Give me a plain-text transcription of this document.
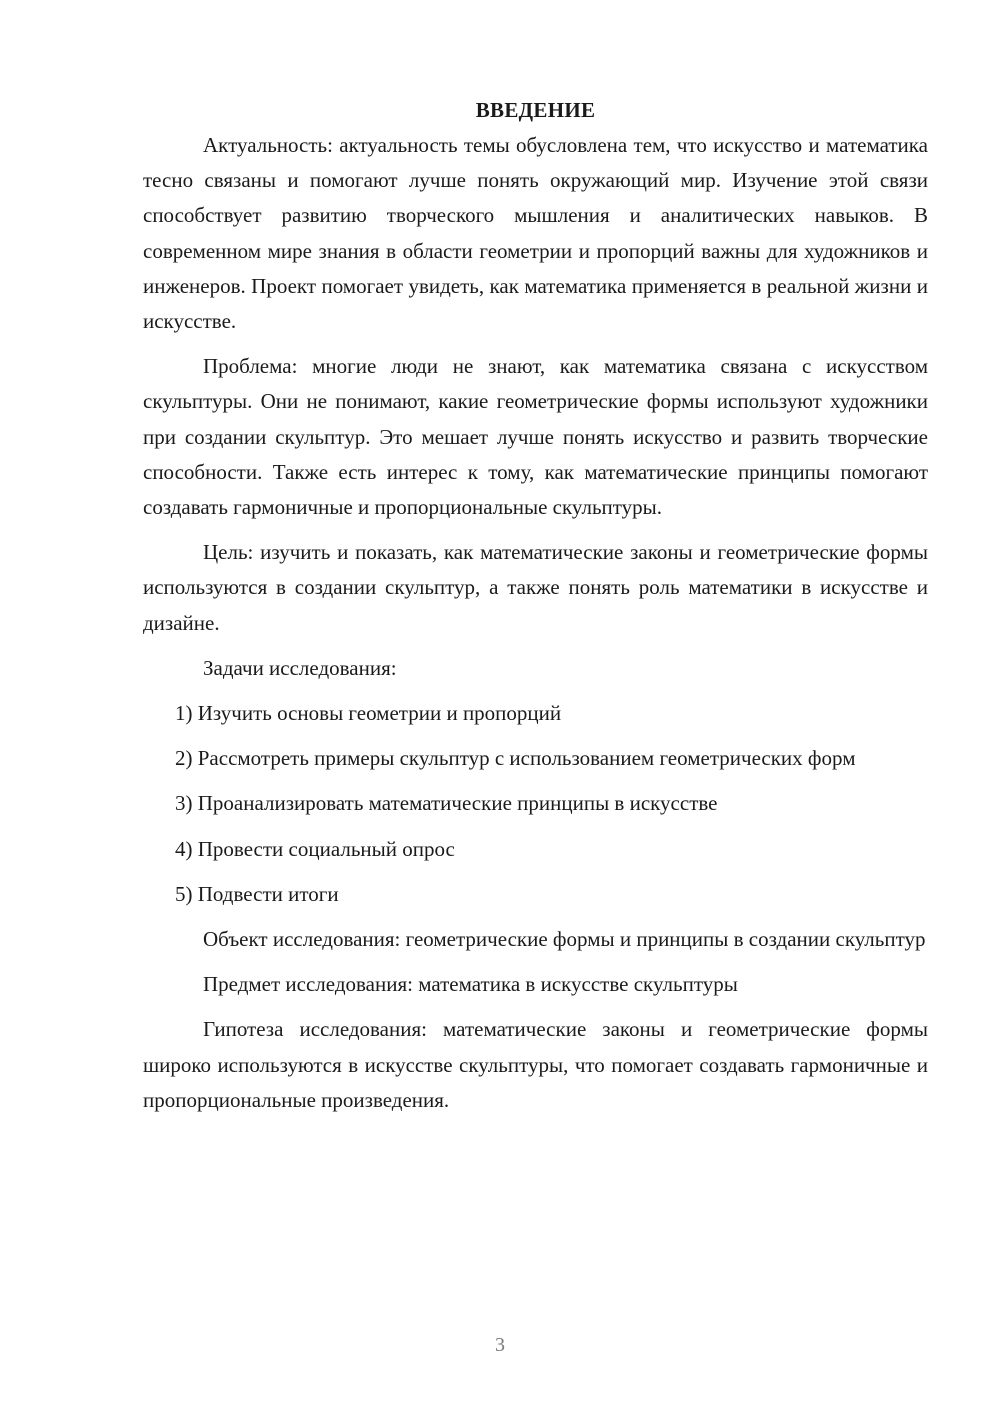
ВВЕДЕНИЕ

Актуальность: актуальность темы обусловлена тем, что искусство и математика тесно связаны и помогают лучше понять окружающий мир. Изучение этой связи способствует развитию творческого мышления и аналитических навыков. В современном мире знания в области геометрии и пропорций важны для художников и инженеров. Проект помогает увидеть, как математика применяется в реальной жизни и искусстве.

Проблема: многие люди не знают, как математика связана с искусством скульптуры. Они не понимают, какие геометрические формы используют художники при создании скульптур. Это мешает лучше понять искусство и развить творческие способности. Также есть интерес к тому, как математические принципы помогают создавать гармоничные и пропорциональные скульптуры.

Цель: изучить и показать, как математические законы и геометрические формы используются в создании скульптур, а также понять роль математики в искусстве и дизайне.

Задачи исследования:

1) Изучить основы геометрии и пропорций

2) Рассмотреть примеры скульптур с использованием геометрических форм

3) Проанализировать математические принципы в искусстве

4) Провести социальный опрос

5) Подвести итоги

Объект исследования: геометрические формы и принципы в создании скульптур

Предмет исследования: математика в искусстве скульптуры

Гипотеза исследования: математические законы и геометрические формы широко используются в искусстве скульптуры, что помогает создавать гармоничные и пропорциональные произведения.

3
